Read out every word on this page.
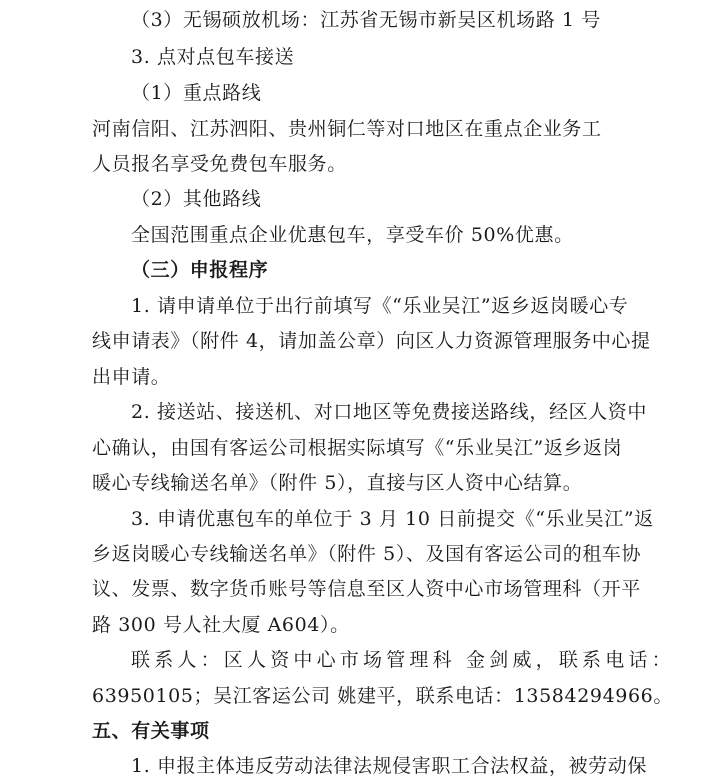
（3）无锡硕放机场：江苏省无锡市新吴区机场路 1 号
3. 点对点包车接送
（1）重点路线
河南信阳、江苏泗阳、贵州铜仁等对口地区在重点企业务工
人员报名享受免费包车服务。
（2）其他路线
全国范围重点企业优惠包车，享受车价 50%优惠。
（三）申报程序
1. 请申请单位于出行前填写《“乐业吴江”返乡返岗暖心专
线申请表》（附件 4，请加盖公章）向区人力资源管理服务中心提
出申请。
2. 接送站、接送机、对口地区等免费接送路线，经区人资中
心确认，由国有客运公司根据实际填写《“乐业吴江”返乡返岗
暖心专线输送名单》（附件 5），直接与区人资中心结算。
3. 申请优惠包车的单位于 3 月 10 日前提交《“乐业吴江”返
乡返岗暖心专线输送名单》（附件 5）、及国有客运公司的租车协
议、发票、数字货币账号等信息至区人资中心市场管理科（开平
路 300 号人社大厦 A604）。
联系人：区人资中心市场管理科 金剑威，联系电话：
63950105；吴江客运公司 姚建平，联系电话：13584294966。
五、有关事项
1. 申报主体违反劳动法律法规侵害职工合法权益，被劳动保
